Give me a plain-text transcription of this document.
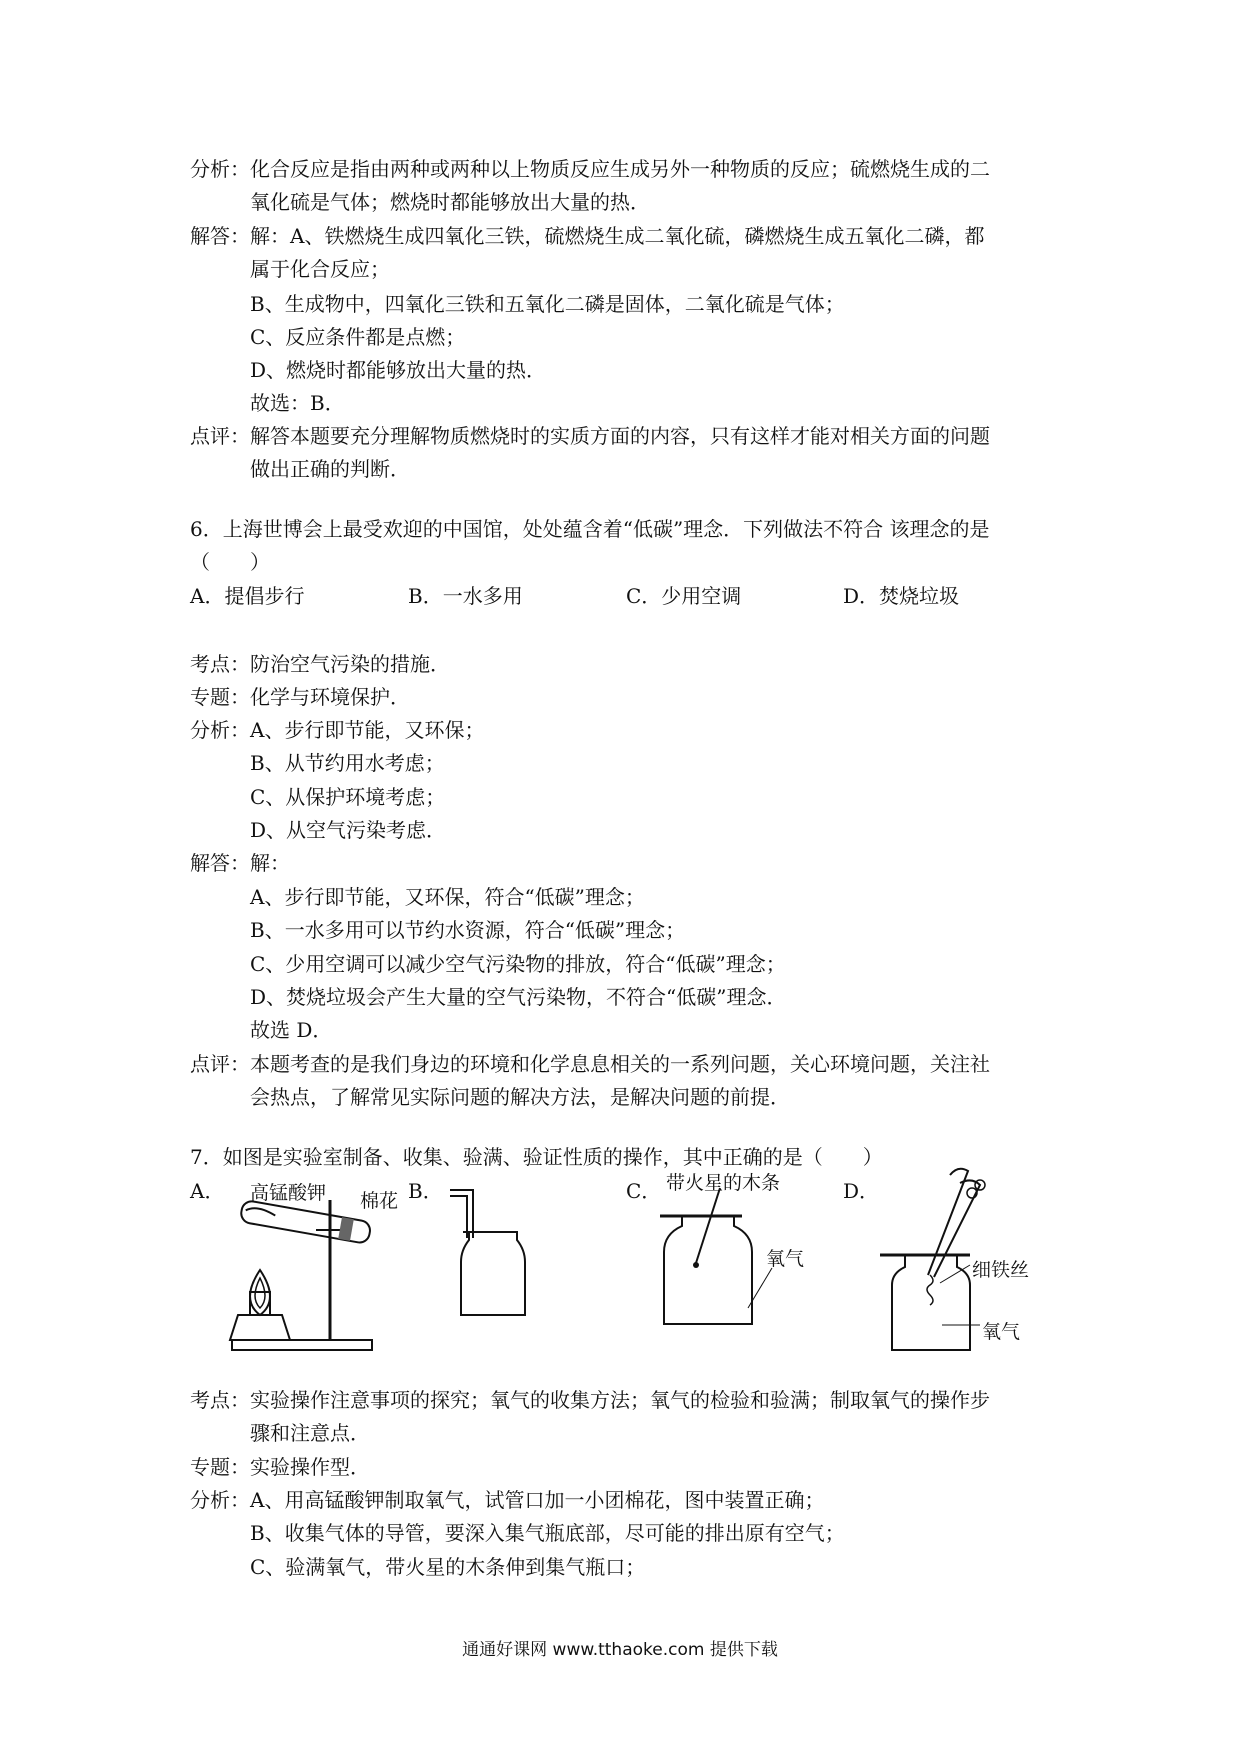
分析： 化合反应是指由两种或两种以上物质反应生成另外一种物质的反应；硫燃烧生成的二
氧化硫是气体；燃烧时都能够放出大量的热．
解答： 解：A、铁燃烧生成四氧化三铁，硫燃烧生成二氧化硫，磷燃烧生成五氧化二磷，都
属于化合反应；
B、生成物中，四氧化三铁和五氧化二磷是固体，二氧化硫是气体；
C、反应条件都是点燃；
D、燃烧时都能够放出大量的热．
故选：B．
点评： 解答本题要充分理解物质燃烧时的实质方面的内容，只有这样才能对相关方面的问题
做出正确的判断．
6．上海世博会上最受欢迎的中国馆，处处蕴含着“低碳”理念．下列做法不符合 该理念的是
（　　）
A．提倡步行	B．一水多用	C．少用空调	D．焚烧垃圾
考点： 防治空气污染的措施．
专题： 化学与环境保护．
分析： A、步行即节能，又环保；
B、从节约用水考虑；
C、从保护环境考虑；
D、从空气污染考虑．
解答： 解：
A、步行即节能，又环保，符合“低碳”理念；
B、一水多用可以节约水资源，符合“低碳”理念；
C、少用空调可以减少空气污染物的排放，符合“低碳”理念；
D、焚烧垃圾会产生大量的空气污染物，不符合“低碳”理念．
故选 D．
点评： 本题考查的是我们身边的环境和化学息息相关的一系列问题，关心环境问题，关注社
会热点，了解常见实际问题的解决方法，是解决问题的前提．
7．如图是实验室制备、收集、验满、验证性质的操作，其中正确的是（　　）
A． 高锰酸钾 棉花 B．	C． 带火星的木条
氧气
D．
细铁丝
氧气
考点： 实验操作注意事项的探究；氧气的收集方法；氧气的检验和验满；制取氧气的操作步
骤和注意点．
专题： 实验操作型．
分析： A、用高锰酸钾制取氧气，试管口加一小团棉花，图中装置正确；
B、收集气体的导管，要深入集气瓶底部，尽可能的排出原有空气；
C、验满氧气，带火星的木条伸到集气瓶口；
通通好课网 www.tthaoke.com 提供下载
